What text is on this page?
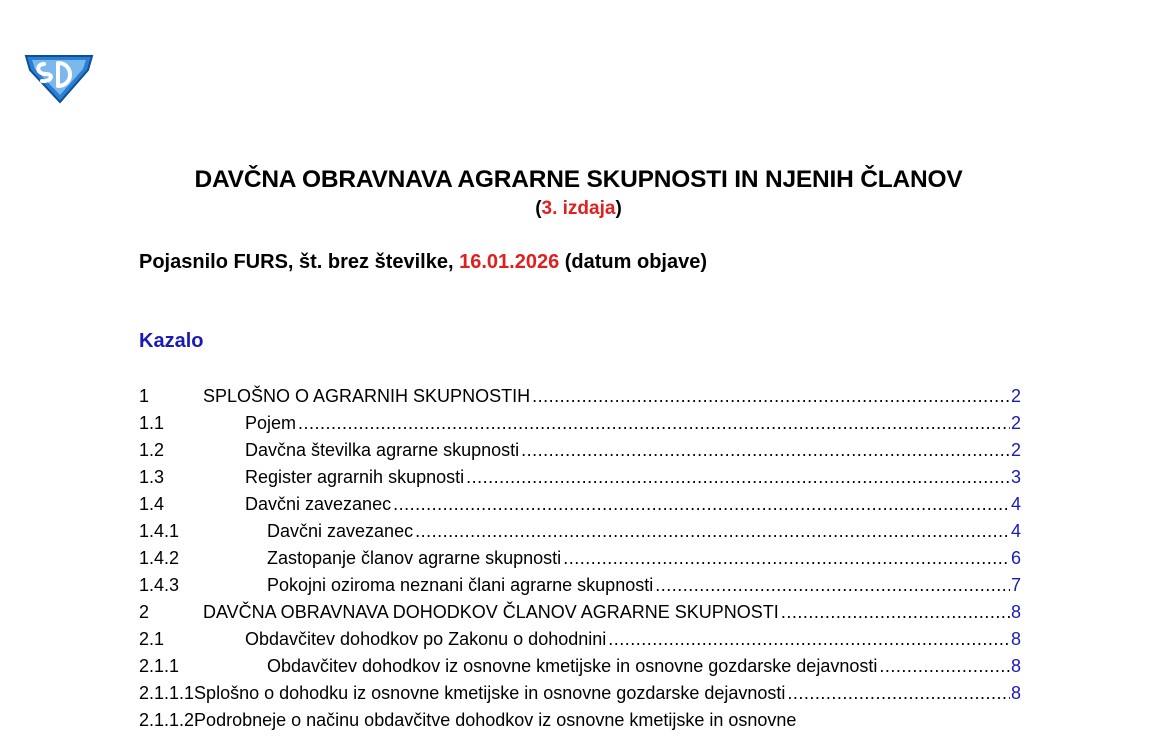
DAVČNA OBRAVNAVA AGRARNE SKUPNOSTI IN NJENIH ČLANOV
(3. izdaja)
Pojasnilo FURS, št. brez številke, 16.01.2026 (datum objave)
Kazalo
1	SPLOŠNO O AGRARNIH SKUPNOSTIH .....	2
1.1	Pojem .....	2
1.2	Davčna številka agrarne skupnosti .....	2
1.3	Register agrarnih skupnosti .....	3
1.4	Davčni zavezanec .....	4
1.4.1	Davčni zavezanec .....	4
1.4.2	Zastopanje članov agrarne skupnosti .....	6
1.4.3	Pokojni oziroma neznani člani agrarne skupnosti .....	7
2	DAVČNA OBRAVNAVA DOHODKOV ČLANOV AGRARNE SKUPNOSTI .....	8
2.1	Obdavčitev dohodkov po Zakonu o dohodnini .....	8
2.1.1	Obdavčitev dohodkov iz osnovne kmetijske in osnovne gozdarske dejavnosti .....	8
2.1.1.1 Splošno o dohodku iz osnovne kmetijske in osnovne gozdarske dejavnosti .....	8
2.1.1.2 Podrobneje o načinu obdavčitve dohodkov iz osnovne kmetijske in osnovne
